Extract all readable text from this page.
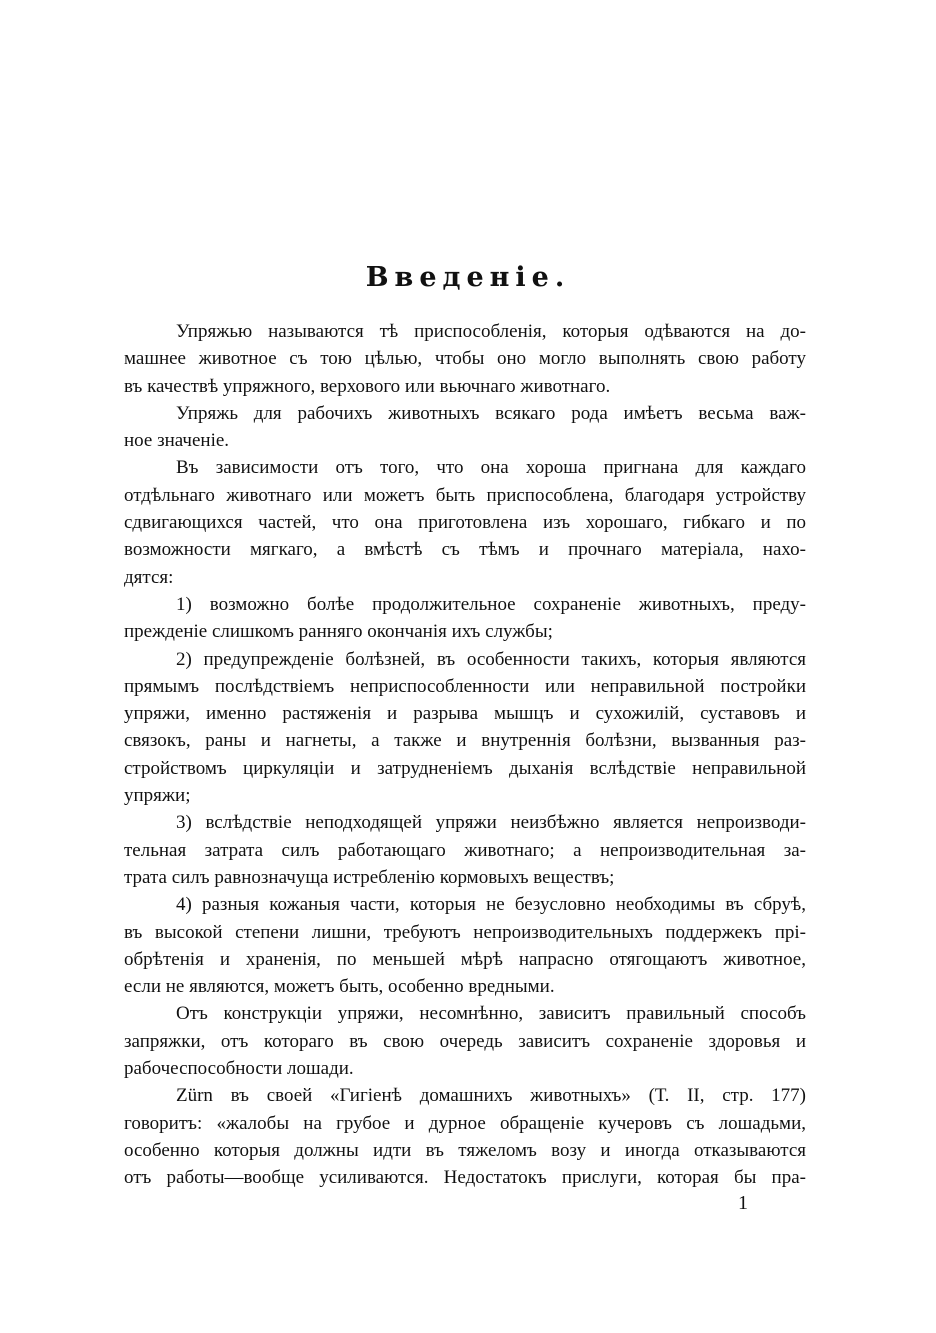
Введеніе.
Упряжью называются тѣ приспособленія, которыя одѣваются на до-
машнее животное съ тою цѣлью, чтобы оно могло выполнять свою работу
въ качествѣ упряжного, верхового или вьючнаго животнаго.
Упряжь для рабочихъ животныхъ всякаго рода имѣетъ весьма важ-
ное значеніе.
Въ зависимости отъ того, что она хороша пригнана для каждаго
отдѣльнаго животнаго или можетъ быть приспособлена, благодаря устройству
сдвигающихся частей, что она приготовлена изъ хорошаго, гибкаго и по
возможности мягкаго, а вмѣстѣ съ тѣмъ и прочнаго матеріала, нахо-
дятся:
1) возможно болѣе продолжительное сохраненіе животныхъ, преду-
прежденіе слишкомъ ранняго окончанія ихъ службы;
2) предупрежденіе болѣзней, въ особенности такихъ, которыя являются
прямымъ послѣдствіемъ неприспособленности или неправильной постройки
упряжи, именно растяженія и разрыва мышцъ и сухожилій, суставовъ и
связокъ, раны и нагнеты, а также и внутреннія болѣзни, вызванныя раз-
стройствомъ циркуляціи и затрудненіемъ дыханія вслѣдствіе неправильной
упряжи;
3) вслѣдствіе неподходящей упряжи неизбѣжно является непроизводи-
тельная затрата силъ работающаго животнаго; а непроизводительная за-
трата силъ равнозначуща истребленію кормовыхъ веществъ;
4) разныя кожаныя части, которыя не безусловно необходимы въ сбруѣ,
въ высокой степени лишни, требуютъ непроизводительныхъ поддержекъ прі-
обрѣтенія и храненія, по меньшей мѣрѣ напрасно отягощаютъ животное,
если не являются, можетъ быть, особенно вредными.
Отъ конструкціи упряжи, несомнѣнно, зависитъ правильный способъ
запряжки, отъ котораго въ свою очередь зависитъ сохраненіе здоровья и
рабочеспособности лошади.
Zürn въ своей «Гигіенѣ домашнихъ животныхъ» (Т. II, стр. 177)
говоритъ: «жалобы на грубое и дурное обращеніе кучеровъ съ лошадьми,
особенно которыя должны идти въ тяжеломъ возу и иногда отказываются
отъ работы—вообще усиливаются. Недостатокъ прислуги, которая бы пра-
1
